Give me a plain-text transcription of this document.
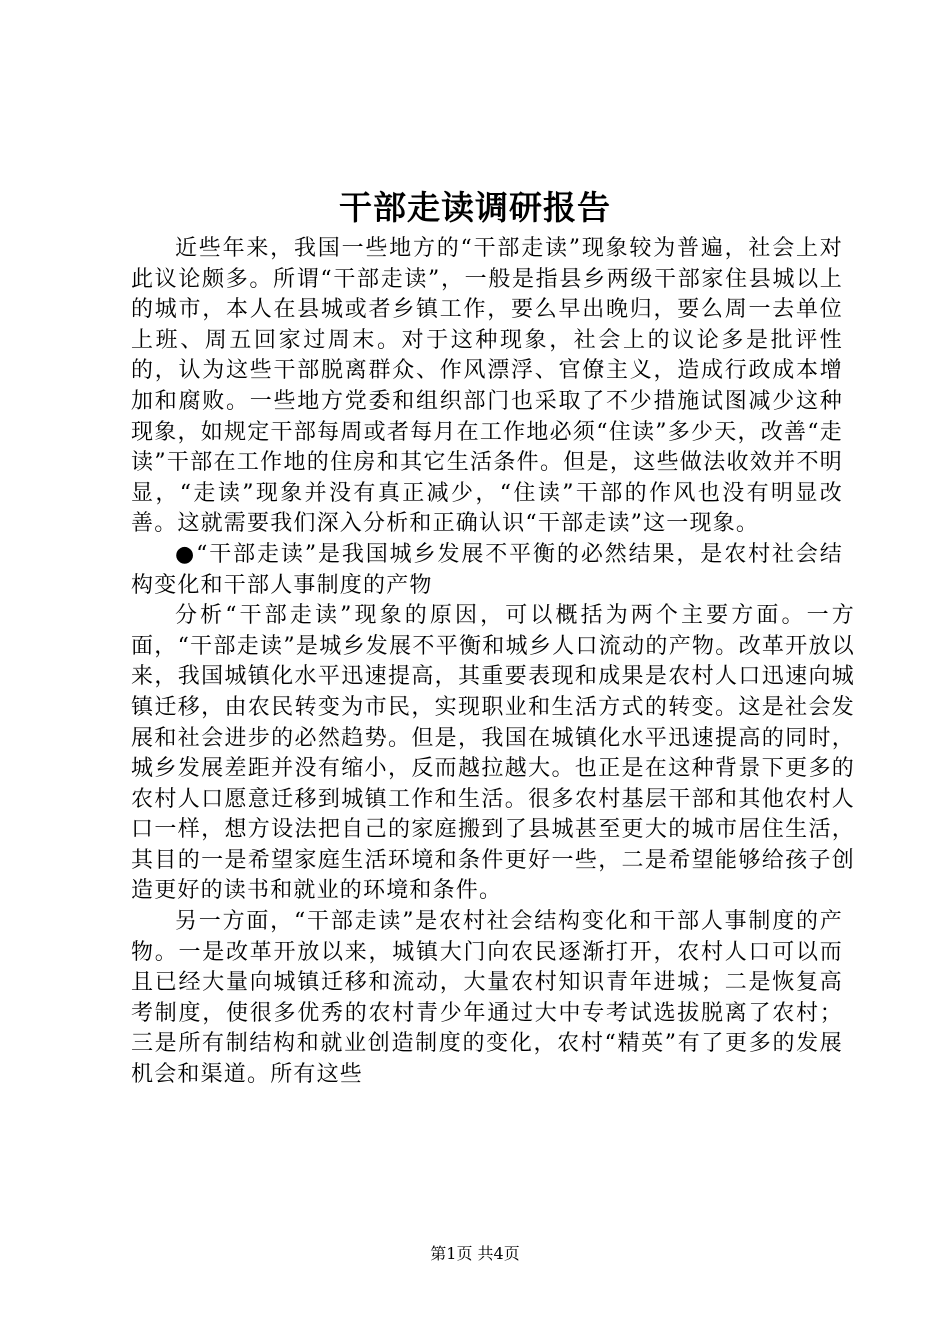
干部走读调研报告

近些年来，我国一些地方的“干部走读”现象较为普遍，社会上对此议论颇多。所谓“干部走读”，一般是指县乡两级干部家住县城以上的城市，本人在县城或者乡镇工作，要么早出晚归，要么周一去单位上班、周五回家过周末。对于这种现象，社会上的议论多是批评性的，认为这些干部脱离群众、作风漂浮、官僚主义，造成行政成本增加和腐败。一些地方党委和组织部门也采取了不少措施试图减少这种现象，如规定干部每周或者每月在工作地必须“住读”多少天，改善“走读”干部在工作地的住房和其它生活条件。但是，这些做法收效并不明显，“走读”现象并没有真正减少，“住读”干部的作风也没有明显改善。这就需要我们深入分析和正确认识“干部走读”这一现象。

●“干部走读”是我国城乡发展不平衡的必然结果，是农村社会结构变化和干部人事制度的产物

分析“干部走读”现象的原因，可以概括为两个主要方面。一方面，“干部走读”是城乡发展不平衡和城乡人口流动的产物。改革开放以来，我国城镇化水平迅速提高，其重要表现和成果是农村人口迅速向城镇迁移，由农民转变为市民，实现职业和生活方式的转变。这是社会发展和社会进步的必然趋势。但是，我国在城镇化水平迅速提高的同时，城乡发展差距并没有缩小，反而越拉越大。也正是在这种背景下更多的农村人口愿意迁移到城镇工作和生活。很多农村基层干部和其他农村人口一样，想方设法把自己的家庭搬到了县城甚至更大的城市居住生活，其目的一是希望家庭生活环境和条件更好一些，二是希望能够给孩子创造更好的读书和就业的环境和条件。

另一方面，“干部走读”是农村社会结构变化和干部人事制度的产物。一是改革开放以来，城镇大门向农民逐渐打开，农村人口可以而且已经大量向城镇迁移和流动，大量农村知识青年进城；二是恢复高考制度，使很多优秀的农村青少年通过大中专考试选拔脱离了农村；三是所有制结构和就业创造制度的变化，农村“精英”有了更多的发展机会和渠道。所有这些

第1页 共4页
